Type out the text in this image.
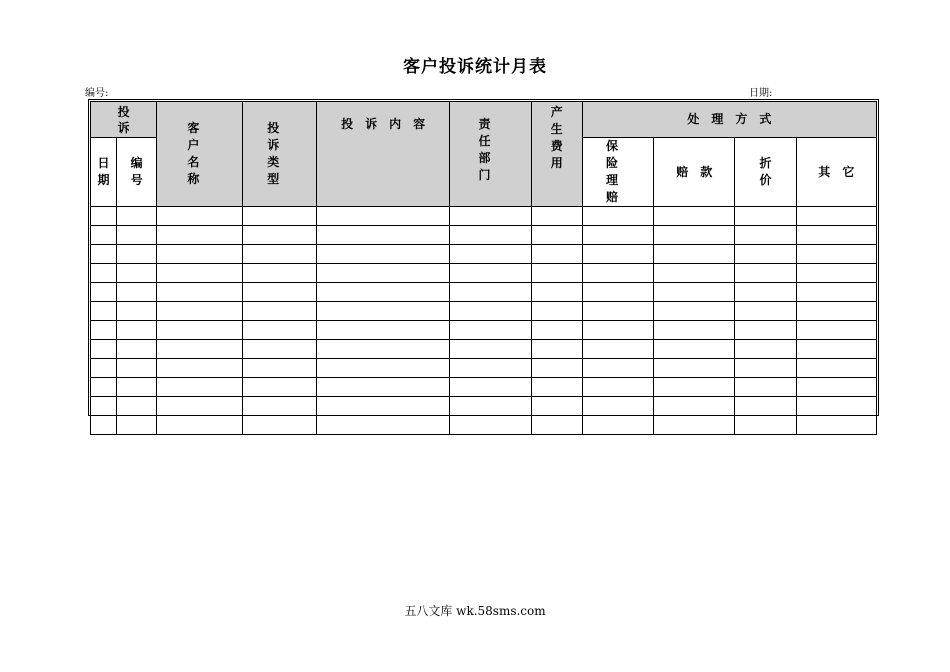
客户投诉统计月表
编号:	日期:
投诉		客户名称	投诉类型	投诉内容	责任部门	产生费用	处理方式			

日期	编号						保险理赔	赔款	折价	其它

五八文库 wk.58sms.com
